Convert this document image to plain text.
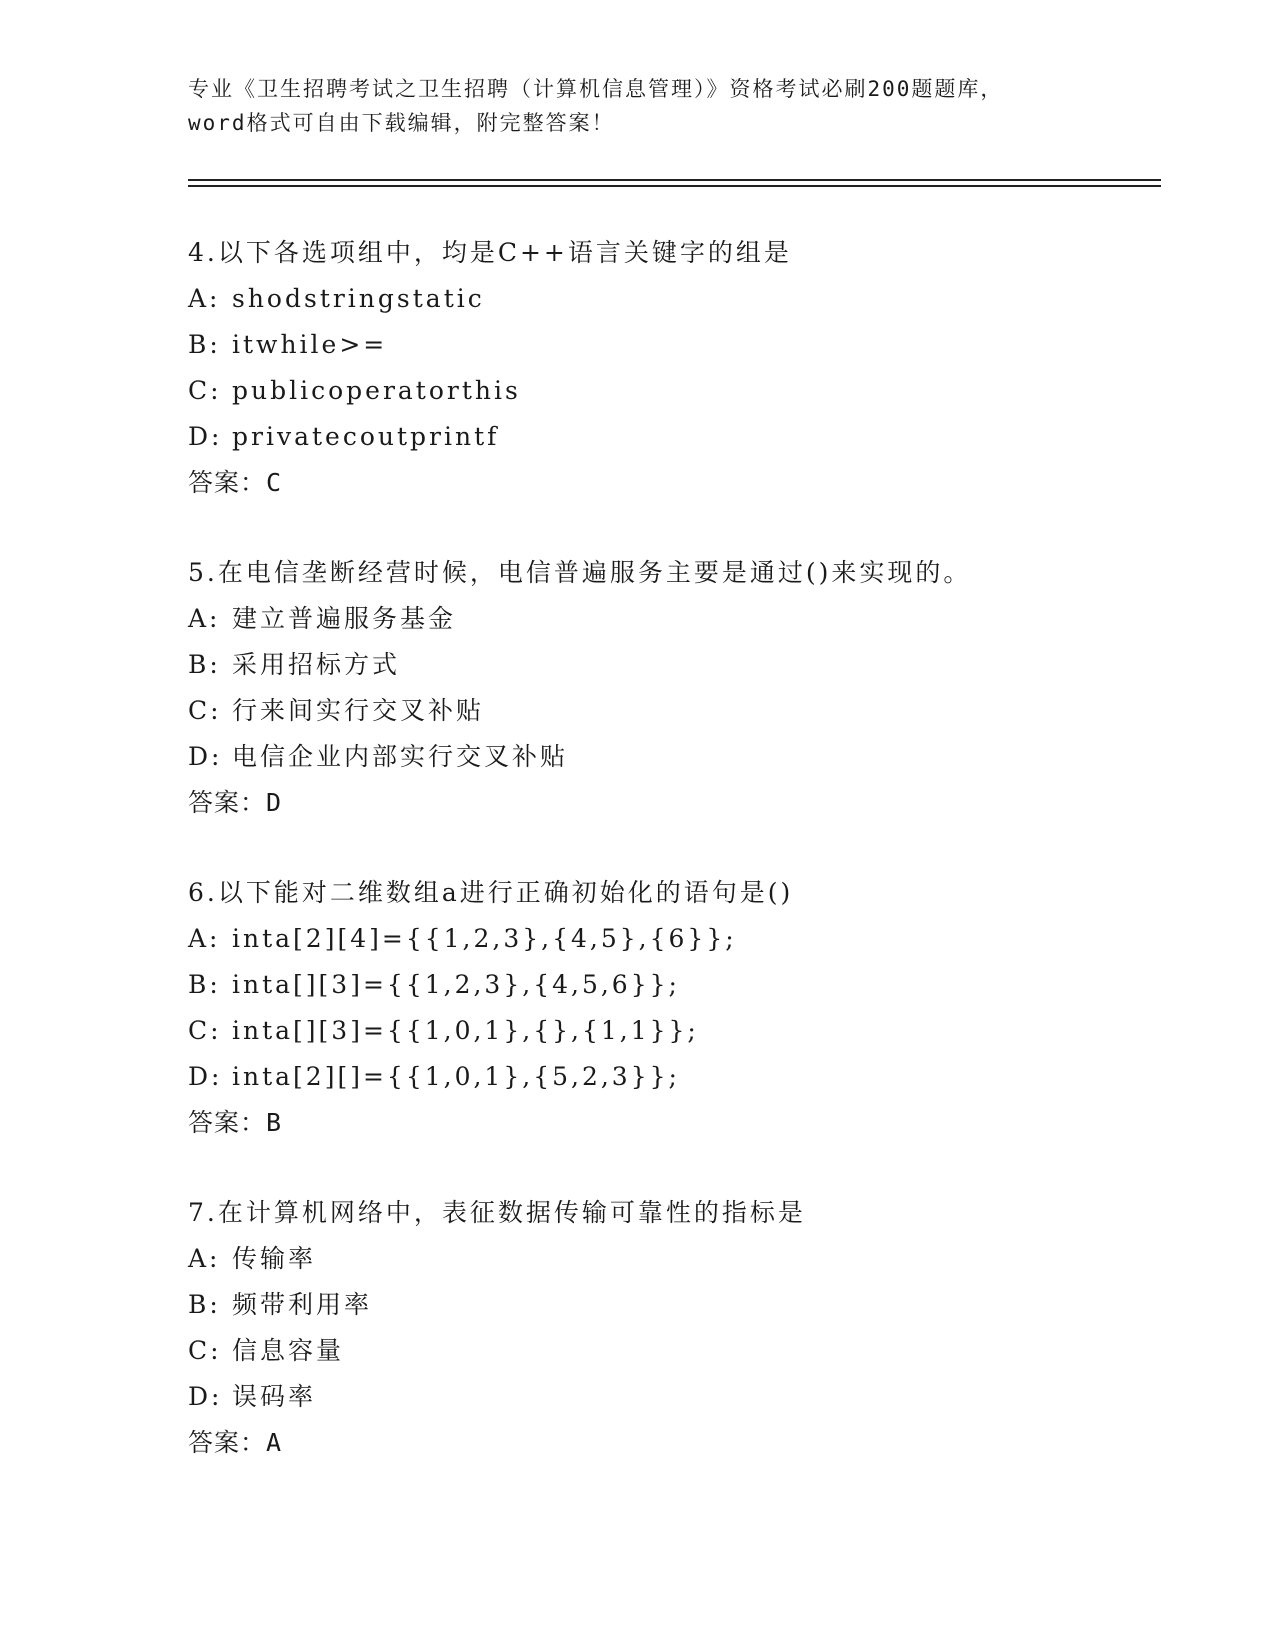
专业《卫生招聘考试之卫生招聘（计算机信息管理）》资格考试必刷200题题库，
word格式可自由下载编辑，附完整答案！
4.以下各选项组中，均是C++语言关键字的组是
A: shodstringstatic
B: itwhile>=
C: publicoperatorthis
D: privatecoutprintf
答案：C
5.在电信垄断经营时候，电信普遍服务主要是通过()来实现的。
A: 建立普遍服务基金
B: 采用招标方式
C: 行来间实行交叉补贴
D: 电信企业内部实行交叉补贴
答案：D
6.以下能对二维数组a进行正确初始化的语句是()
A: inta[2][4]={{1,2,3},{4,5},{6}};
B: inta[][3]={{1,2,3},{4,5,6}};
C: inta[][3]={{1,0,1},{},{1,1}};
D: inta[2][]={{1,0,1},{5,2,3}};
答案：B
7.在计算机网络中，表征数据传输可靠性的指标是
A: 传输率
B: 频带利用率
C: 信息容量
D: 误码率
答案：A
